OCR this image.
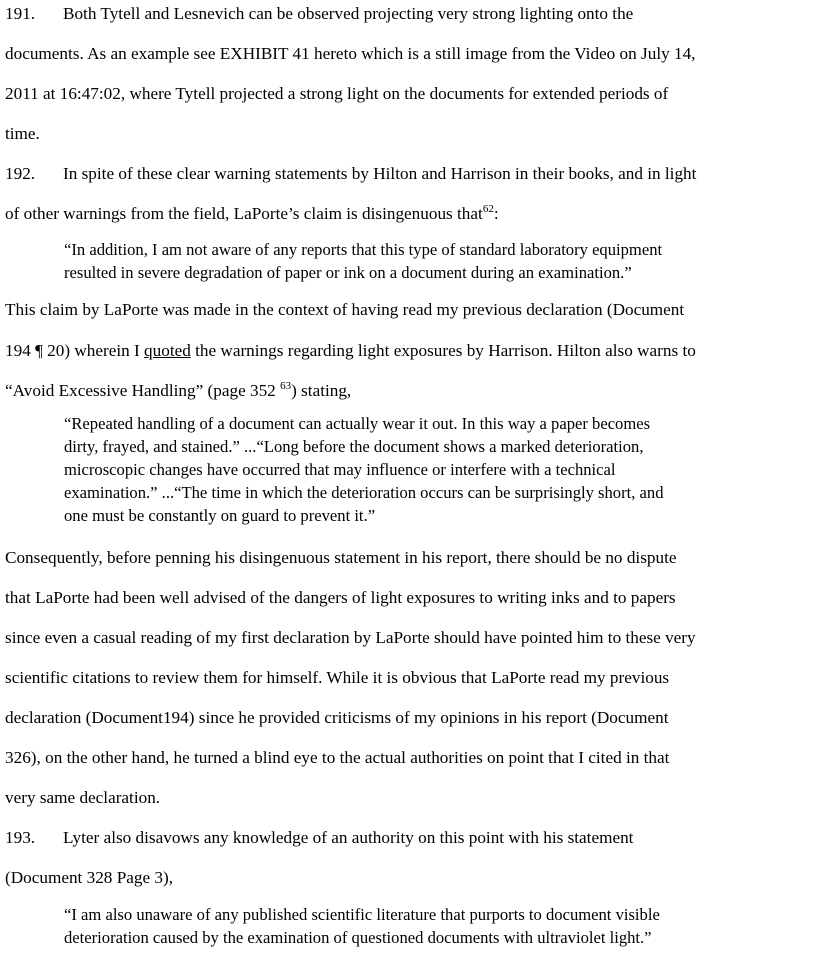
191. Both Tytell and Lesnevich can be observed projecting very strong lighting onto the
documents. As an example see EXHIBIT 41 hereto which is a still image from the Video on July 14,
2011 at 16:47:02, where Tytell projected a strong light on the documents for extended periods of
time.
192. In spite of these clear warning statements by Hilton and Harrison in their books, and in light
of other warnings from the field, LaPorte’s claim is disingenuous that$^{62}$:
“In addition, I am not aware of any reports that this type of standard laboratory equipment
resulted in severe degradation of paper or ink on a document during an examination.”
This claim by LaPorte was made in the context of having read my previous declaration (Document
194 ¶ 20) wherein I quoted the warnings regarding light exposures by Harrison. Hilton also warns to
“Avoid Excessive Handling” (page 352 $^{63}$) stating,
“Repeated handling of a document can actually wear it out. In this way a paper becomes
dirty, frayed, and stained.” ...“Long before the document shows a marked deterioration,
microscopic changes have occurred that may influence or interfere with a technical
examination.” ...“The time in which the deterioration occurs can be surprisingly short, and
one must be constantly on guard to prevent it.”
Consequently, before penning his disingenuous statement in his report, there should be no dispute
that LaPorte had been well advised of the dangers of light exposures to writing inks and to papers
since even a casual reading of my first declaration by LaPorte should have pointed him to these very
scientific citations to review them for himself. While it is obvious that LaPorte read my previous
declaration (Document194) since he provided criticisms of my opinions in his report (Document
326), on the other hand, he turned a blind eye to the actual authorities on point that I cited in that
very same declaration.
193. Lyter also disavows any knowledge of an authority on this point with his statement
(Document 328 Page 3),
“I am also unaware of any published scientific literature that purports to document visible
deterioration caused by the examination of questioned documents with ultraviolet light.”
